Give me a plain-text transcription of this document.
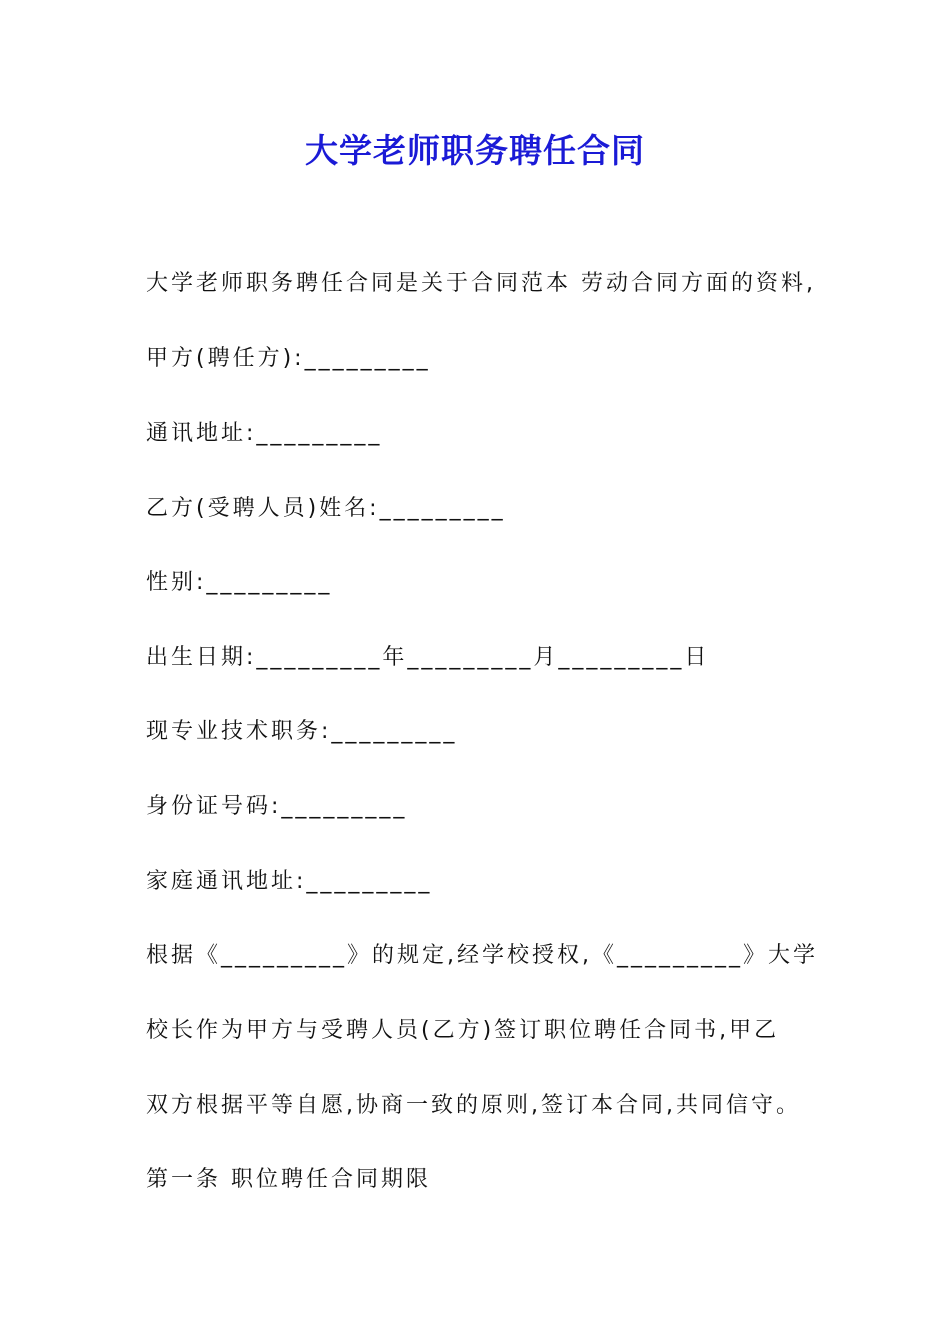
大学老师职务聘任合同
大学老师职务聘任合同是关于合同范本 劳动合同方面的资料,
甲方(聘任方):_________
通讯地址:_________
乙方(受聘人员)姓名:_________
性别:_________
出生日期:_________年_________月_________日
现专业技术职务:_________
身份证号码:_________
家庭通讯地址:_________
根据《_________》的规定,经学校授权,《_________》大学
校长作为甲方与受聘人员(乙方)签订职位聘任合同书,甲乙
双方根据平等自愿,协商一致的原则,签订本合同,共同信守。
第一条 职位聘任合同期限
